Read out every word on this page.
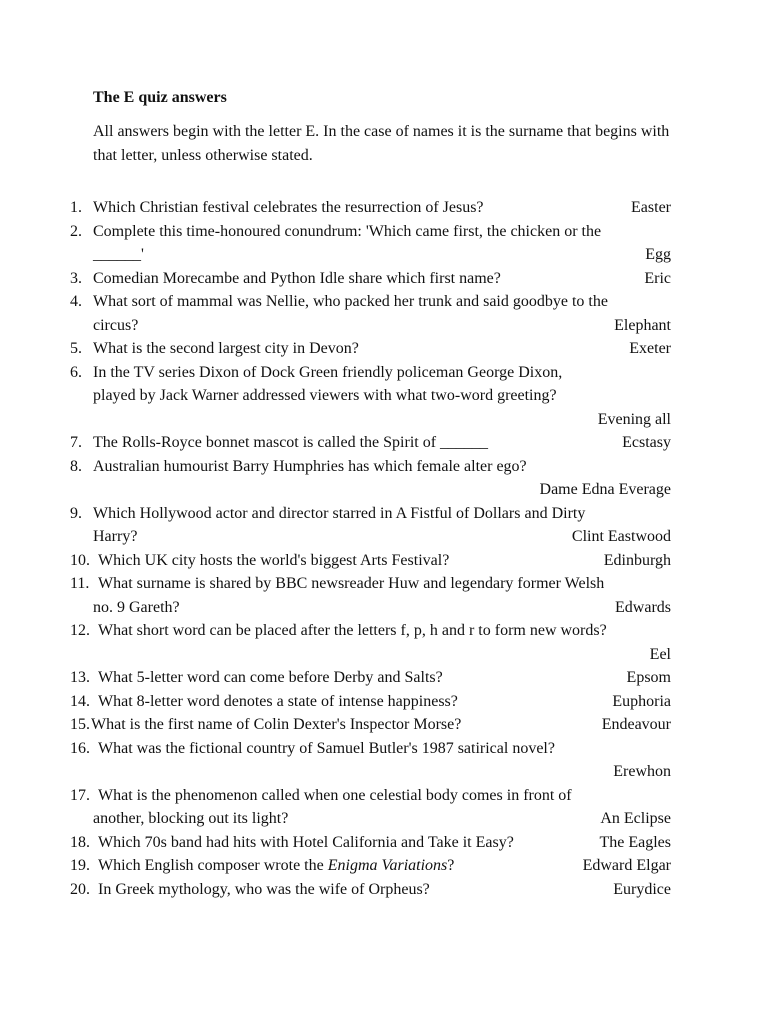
The E quiz answers
All answers begin with the letter E. In the case of names it is the surname that begins with that letter, unless otherwise stated.
1. Which Christian festival celebrates the resurrection of Jesus?	Easter
2. Complete this time-honoured conundrum: 'Which came first, the chicken or the
______'	Egg
3. Comedian Morecambe and Python Idle share which first name?	Eric
4. What sort of mammal was Nellie, who packed her trunk and said goodbye to the
circus?	Elephant
5. What is the second largest city in Devon?	Exeter
6. In the TV series Dixon of Dock Green friendly policeman George Dixon,
played by Jack Warner addressed viewers with what two-word greeting?
Evening all
7. The Rolls-Royce bonnet mascot is called the Spirit of ______	Ecstasy
8. Australian humourist Barry Humphries has which female alter ego?
Dame Edna Everage
9. Which Hollywood actor and director starred in A Fistful of Dollars and Dirty
Harry?	Clint Eastwood
10. Which UK city hosts the world's biggest Arts Festival?	Edinburgh
11. What surname is shared by BBC newsreader Huw and legendary former Welsh
no. 9 Gareth?	Edwards
12. What short word can be placed after the letters f, p, h and r to form new words?
Eel
13. What 5-letter word can come before Derby and Salts?	Epsom
14. What 8-letter word denotes a state of intense happiness?	Euphoria
15. What is the first name of Colin Dexter's Inspector Morse?	Endeavour
16. What was the fictional country of Samuel Butler's 1987 satirical novel?
Erewhon
17. What is the phenomenon called when one celestial body comes in front of
another, blocking out its light?	An Eclipse
18. Which 70s band had hits with Hotel California and Take it Easy?	The Eagles
19. Which English composer wrote the Enigma Variations?	Edward Elgar
20. In Greek mythology, who was the wife of Orpheus?	Eurydice
